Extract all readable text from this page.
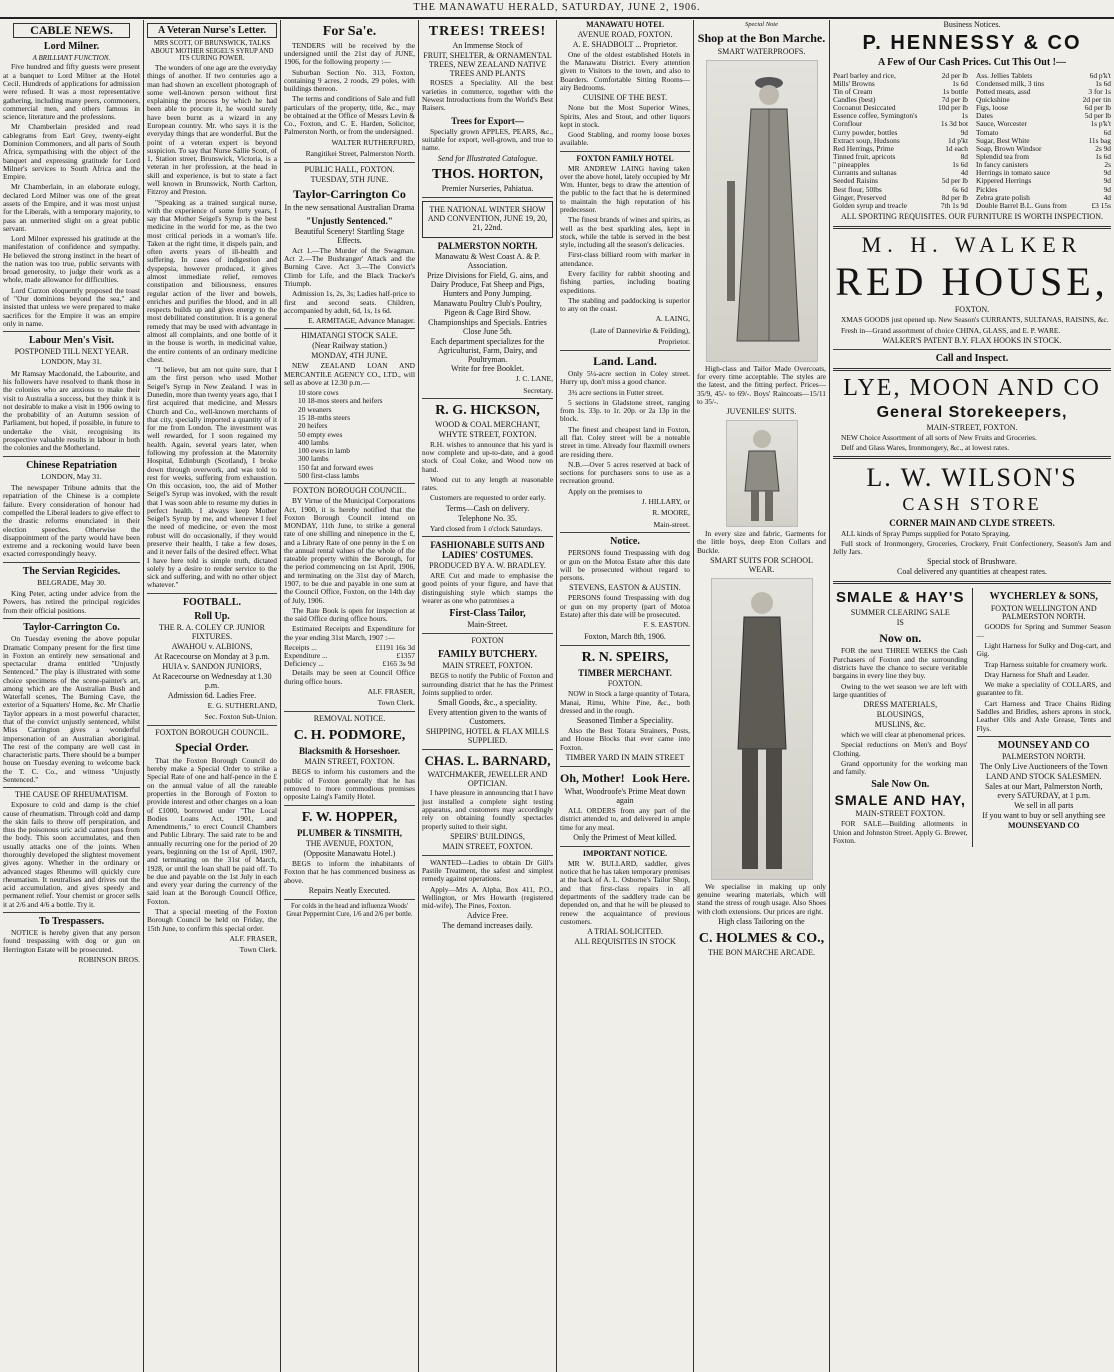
THE MANAWATU HERALD, SATURDAY, JUNE 2, 1906.
CABLE NEWS.
Lord Milner.
A BRILLIANT FUNCTION.

Five hundred and fifty guests were present at a banquet to Lord Milner at the Hotel Cecil. Hundreds of applications for admission were refused. It was a most representative gathering, including many peers, commoners, commercial men, and others famous in science, literature and the professions.

Mr Chamberlain presided and read cablegrams from Earl Grey, twenty-eight Dominion Commoners, and all parts of South Africa, sympathising with the object of the banquet and expressing gratitude for Lord Milner's services to South Africa and the Empire.

Mr Chamberlain, in an elaborate eulogy, declared Lord Milner was one of the great assets of the Empire, and it was most unjust for the Liberals, with a temporary majority, to pass an unmerited slight on a great public servant.

Lord Milner expressed his gratitude at the manifestation of confidence and sympathy. He believed the strong instinct in the heart of the nation was too true, public servants with broad generosity, to judge their work as a whole, made allowance for difficulties.

Lord Curzon eloquently proposed the toast of "Our dominions beyond the sea," and insisted that unless we were prepared to make sacrifices for the Empire it was an empire only in name.

Labour Men's Visit.
POSTPONED TILL NEXT YEAR.
LONDON, May 31.

Mr Ramsay Macdonald, the Labourite, and his followers have resolved to thank those in the colonies who are anxious to make their visit to Australia a success, but they think it is not desirable to make a visit in 1906 owing to the probability of an Autumn session of Parliament, but hoped, if possible, in future to undertake the visit, recognising its prospective valuable results in labour in both the colonies and the Motherland.

Chinese Repatriation
LONDON, May 31.

The newspaper Tribune admits that the repatriation of the Chinese is a complete failure. Every consideration of honour had compelled the Liberal leaders to give effect to the drastic reforms enunciated in their election speeches. Otherwise the disappointment of the party would have been extreme and a reckoning would have been exacted correspondingly heavy.

The Servian Regicides.
BELGRADE, May 30.

King Peter, acting under advice from the Powers, has retired the principal regicides from their official positions.

Taylor-Carrington Co.

On Tuesday evening the above popular Dramatic Company present for the first time in Foxton an entirely new sensational and spectacular drama entitled "Unjustly Sentenced." The play is illustrated with some choice specimens of the scene-painter's art, among which are the Australian Bush and Waterfall scenes, The Burning Cave, the exterior of a Squatters' Home, &c. Mr Charlie Taylor appears in a most powerful character, that of the convict unjustly sentenced, whilst Miss Carrington gives a wonderful impersonation of an Australian aboriginal. The rest of the company are well cast in characteristic parts. There should be a bumper house on Tuesday evening to welcome back the T. C. Co., and witness "Unjustly Sentenced."

THE CAUSE OF RHEUMATISM.

Exposure to cold and damp is the chief cause of rheumatism. Through cold and damp the skin fails to throw off perspiration, and thus the poisonous uric acid cannot pass from the body. This soon accumulates, and then usually attacks one of the joints. When thoroughly developed the slightest movement gives agony. Whether in the ordinary or advanced stages Rheumo will quickly cure rheumatism. It neutralises and drives out the acid accumulation, and gives speedy and permanent relief. Your chemist or grocer sells it at 2/6 and 4/6 a bottle. Try it.

To Trespassers.

NOTICE is hereby given that any person found trespassing with dog or gun on Herrington Estate will be prosecuted.

ROBINSON BROS.
A Veteran Nurse's Letter.
MRS SCOTT, OF BRUNSWICK, TALKS ABOUT MOTHER SEIGEL'S SYRUP AND ITS CURING POWER.

The wonders of one age are the everyday things of another. If two centuries ago a man had shown an excellent photograph of some well-known person without first explaining the process by which he had been able to procure it, he would surely have been burnt as a wizard in any European country. Mr. who says it is the everyday things that are wonderful. But the point of a veteran expert is beyond suspicion. To say that Nurse Sallie Scott, of 1, Station street, Brunswick, Victoria, is a veteran in her profession, at the head in skill and experience, is but to state a fact well known in Brunswick, North Carlton, Fitzroy and Preston.

"Speaking as a trained surgical nurse, with the experience of some forty years, I say that Mother Seigel's Syrup is the best medicine in the world for me, as the two most critical periods in a woman's life. Taken at the right time, it dispels pain, and often averts years of ill-health and suffering. In cases of indigestion and dyspepsia, however produced, it gives almost immediate relief, removes constipation and biliousness, ensures regular action of the liver and bowels, enriches and purifies the blood, and in all respects builds up and gives energy to the most debilitated constitution. It is a general remedy that may be used with advantage in almost all complaints, and one bottle of it in the house is worth, in medicinal value, the entire contents of an ordinary medicine chest.

"I believe, but am not quite sure, that I am the first person who used Mother Seigel's Syrup in New Zealand. I was in Dunedin, more than twenty years ago, that I first acquired that medicine, and Messrs Church and Co., well-known merchants of that city, specially imported a quantity of it for me from London. The investment was well rewarded, for I soon regained my health. Again, several years later, when following my profession at the Maternity Hospital, Edinburgh (Scotland), I broke down through overwork, and was told to rest for weeks, suffering from exhaustion. On this occasion, too, the aid of Mother Seigel's Syrup was invoked, with the result that I was soon able to resume my duties in perfect health. I always keep Mother Seigel's Syrup by me, and whenever I feel the need of medicine, or even the most robust will do occasionally, if they would preserve their health, I take a few doses, and it never fails of the desired effect. What I have here told is simple truth, dictated solely by a desire to render service to the sick and suffering, and with no other object whatever."

FOOTBALL.
Roll Up.
THE R. A. COLEY CP. JUNIOR FIXTURES.
AWAHOU v. ALBIONS,
At Racecourse on Monday at 3 p.m.
HUIA v. SANDON JUNIORS,
At Racecourse on Wednesday at 1.30 p.m.
Admission 6d. Ladies Free.
E. G. SUTHERLAND,
Sec. Foxton Sub-Union.
FOXTON BOROUGH COUNCIL.
Special Order.

That the Foxton Borough Council do hereby make a Special Order to strike a Special Rate of one and half-pence in the £ on the annual value of all the rateable properties in the Borough of Foxton to provide interest and other charges on a loan of £1000, borrowed under "The Local Bodies Loans Act, 1901, and Amendments," to erect Council Chambers and Public Library. The said rate to be and annually recurring one for the period of 20 years, beginning on the 1st of April, 1907, and terminating on the 31st of March, 1928, or until the loan shall be paid off. To be due and payable on the 1st July in each and every year during the currency of the said loan at the Borough Council Office, Foxton.

That a special meeting of the Foxton Borough Council be held on Friday, the 15th June, to confirm this special order.

ALF. FRASER,
Town Clerk.
For Sa'e.

TENDERS will be received by the undersigned until the 21st day of JUNE, 1906, for the following property :—

Suburban Section No. 313, Foxton, containing 9 acres, 2 roods, 29 poles, with buildings thereon.

The terms and conditions of Sale and full particulars of the property, title, &c., may be obtained at the Office of Messrs Levin & Co., Foxton, and C. E. Harden, Solicitor, Palmerston North, or from the undersigned.

WALTER RUTHERFURD,
Rangitikei Street, Palmerston North.
PUBLIC HALL, FOXTON.
TUESDAY, 5TH JUNE.
Taylor-Carrington Co
In the new sensational Australian Drama
"Unjustly Sentenced."
Beautiful Scenery! Startling Stage Effects.

Act 1.—The Murder of the Swagman. Act 2.—The Bushranger' Attack and the Burning Cave. Act 3.—The Convict's Climb for Life, and the Black Tracker's Triumph.

Admission 1s, 2s, 3s; Ladies half-price to first and second seats. Children, accompanied by adult, 6d, 1s, 1s 6d.

E. ARMITAGE, Advance Manager.
HIMATANGI STOCK SALE.
(Near Railway station.)
MONDAY, 4TH JUNE.

NEW ZEALAND LOAN AND MERCANTILE AGENCY CO., LTD., will sell as above at 12.30 p.m.—

10 store cows
10 18-mos steers and heifers
20 weaners
15 18-mths steers
20 heifers
50 empty ewes
400 lambs
100 ewes in lamb
300 lambs
150 fat and forward ewes
500 first-class lambs
FOXTON BOROUGH COUNCIL.

BY Virtue of the Municipal Corporations Act, 1900, it is hereby notified that the Foxton Borough Council intend on MONDAY, 11th June, to strike a general rate of one shilling and ninepence in the £, and a Library Rate of one penny in the £ on the annual rental values of the whole of the rateable property within the Borough, for the period commencing on 1st April, 1906, and terminating on the 31st day of March, 1907, to be due and payable in one sum at the Council Office, Foxton, on the 14th day of July, 1906.

The Rate Book is open for inspection at the said Office during office hours.

Estimated Receipts and Expenditure for the year ending 31st March, 1907 :—

Receipts ...	£1191 16s 3d
Expenditure ...	£1357
Deficiency ...	£165 3s 9d

Details may be seen at Council Office during office hours.

ALF. FRASER,
Town Clerk.
REMOVAL NOTICE.
C. H. PODMORE,
Blacksmith & Horseshoer.
MAIN STREET, FOXTON.

BEGS to inform his customers and the public of Foxton generally that he has removed to more commodious premises opposite Laing's Family Hotel.

F. W. HOPPER,
PLUMBER & TINSMITH,
THE AVENUE, FOXTON,
(Opposite Manawatu Hotel.)

BEGS to inform the inhabitants of Foxton that he has commenced business as above.

Repairs Neatly Executed.
For colds in the head and influenza Woods' Great Peppermint Cure, 1/6 and 2/6 per bottle.
TREES! TREES!
An Immense Stock of
FRUIT, SHELTER, & ORNAMENTAL TREES, NEW ZEALAND NATIVE TREES AND PLANTS

ROSES a Speciality. All the best varieties in commerce, together with the Newest Introductions from the World's Best Raisers.

Trees for Export—

Specially grown APPLES, PEARS, &c., suitable for export, well-grown, and true to name.

Send for Illustrated Catalogue.
THOS. HORTON,
Premier Nurseries, Pahiatua.
THE NATIONAL WINTER SHOW AND CONVENTION, JUNE 19, 20, 21, 22nd.
PALMERSTON NORTH.
Manawatu & West Coast A. & P. Association.
Prize Divisions for Field, G. ains, and Dairy Produce, Fat Sheep and Pigs, Hunters and Pony Jumping.
Manawatu Poultry Club's Poultry, Pigeon & Cage Bird Show.
Championships and Specials. Entries Close June 5th.
Each department specializes for the Agriculturist, Farm, Dairy, and Poultryman.
Write for free Booklet.
J. C. LANE,
Secretary.
R. G. HICKSON,
WOOD & COAL MERCHANT,
WHYTE STREET, FOXTON.

R.H. wishes to announce that his yard is now complete and up-to-date, and a good stock of Coal Coke, and Wood now on hand.

Wood cut to any length at reasonable rates.

Customers are requested to order early.

Terms—Cash on delivery.
Telephone No. 35.

Yard closed from 1 o'clock Saturdays.

FASHIONABLE SUITS AND LADIES' COSTUMES.
PRODUCED BY A. W. BRADLEY.

ARE Cut and made to emphasise the good points of your figure, and have that distinguishing style which stamps the wearer as one who patronises a

First-Class Tailor,
Main-Street.
FOXTON
FAMILY BUTCHERY.
MAIN STREET, FOXTON.

BEGS to notify the Public of Foxton and surrounding district that he has the Primest Joints supplied to order.

Small Goods, &c., a speciality.
Every attention given to the wants of Customers.
SHIPPING, HOTEL & FLAX MILLS SUPPLIED.
CHAS. L. BARNARD,
WATCHMAKER, JEWELLER AND OPTICIAN.

I have pleasure in announcing that I have just installed a complete sight testing apparatus, and customers may accordingly rely on obtaining foundly spectacles properly suited to their sight.

SPEIRS' BUILDINGS,
MAIN STREET, FOXTON.

WANTED—Ladies to obtain Dr Gill's Pastile Treatment, the safest and simplest remedy against operations.

Apply—Mrs A. Alpha, Box 411, P.O., Wellington, or Mrs Howarth (registered mid-wife), The Pines, Foxton.

Advice Free.
The demand increases daily.
MANAWATU HOTEL
AVENUE ROAD, FOXTON.
A. E. SHADBOLT ... Proprietor.

One of the oldest established Hotels in the Manawatu District. Every attention given to Visitors to the town, and also to Boarders. Comfortable Sitting Rooms—airy Bedrooms.

CUISINE OF THE BEST.

None but the Most Superior Wines, Spirits, Ales and Stout, and other liquors kept in stock.

Good Stabling, and roomy loose boxes available.

FOXTON FAMILY HOTEL

MR ANDREW LAING having taken over the above hotel, lately occupied by Mr Wm. Hunter, begs to draw the attention of the public to the fact that he is determined to maintain the high reputation of his predecessor.

The finest brands of wines and spirits, as well as the best sparkling ales, kept in stock, while the table is served in the best style, including all the season's delicacies.

First-class billiard room with marker in attendance.

Every facility for rabbit shooting and fishing parties, including boating expeditions.

The stabling and paddocking is superior to any on the coast.

A. LAING,
(Late of Dannevirke & Feilding),
Proprietor.
Land. Land.

Only 5¼-acre section in Coley street. Hurry up, don't miss a good chance.

3¾ acre sections in Futter street.

5 sections in Gladstone street, ranging from 1s. 33p. to 1r. 20p. or 2a 13p in the block.

The finest and cheapest land in Foxton, all flat. Coley street will be a noteable street in time. Already four flaxmill owners are residing there.

N.B.—Over 5 acres reserved at back of sections for purchasers sons to use as a recreation ground.

Apply on the premises to

J. HILLARY, or
R. MOORE,
Main-street.
Notice.

PERSONS found Trespassing with dog or gun on the Motoa Estate after this date will be prosecuted without regard to persons.

STEVENS, EASTON & AUSTIN.

PERSONS found Trespassing with dog or gun on my property (part of Motoa Estate) after this date will be prosecuted.

F. S. EASTON.
Foxton, March 8th, 1906.
R. N. SPEIRS,
TIMBER MERCHANT.
FOXTON.

NOW in Stock a large quantity of Totara, Manai, Rimu, White Pine, &c., both dressed and in the rough.

Seasoned Timber a Speciality.

Also the Best Totara Strainers, Posts, and House Blocks that ever came into Foxton.

TIMBER YARD IN MAIN STREET
Oh, Mother! Look Here.
What, Woodroofe's Prime Meat down again

ALL ORDERS from any part of the district attended to, and delivered in ample time for any meal.

Only the Primest of Meat killed.
IMPORTANT NOTICE.

MR W. BULLARD, saddler, gives notice that he has taken temporary premises at the back of A. L. Osborne's Tailor Shop, and that first-class repairs in all departments of the saddlery trade can be depended on, and that he will be pleased to renew the acquaintance of previous customers.

A TRIAL SOLICITED.
ALL REQUISITES IN STOCK
Special Note
Shop at the Bon Marche.
SMART WATERPROOFS.

High-class and Tailor Made Overcoats, for every time acceptable. The styles are the latest, and the fitting perfect. Prices—35/9, 45/- to 69/-. Boys' Raincoats—15/11 to 35/-.

JUVENILES' SUITS.

In every size and fabric, Garments for the little boys, deep Eton Collars and Buckle.

SMART SUITS FOR SCHOOL WEAR.

We specialise in making up only genuine wearing materials, which will stand the stress of rough usage. Also Shoes with cloth extensions. Our prices are right.

High class Tailoring on the
C. HOLMES & CO.,
THE BON MARCHE ARCADE.
Business Notices.
P. HENNESSY & CO
A Few of Our Cash Prices. Cut This Out !—
Pearl barley and rice,	2d per lb
Mills' Browns	1s 6d
Tin of Cream	1s bottle
Candles (best)	7d per lb
Cocoanut Desiccated	10d per lb
Essence coffee, Symington's	1s
Cornflour	1s 3d bot
Curry powder, bottles	9d
Extract soup, Hudsons	1d p'kt
Red Herrings, Prime	1d each
Tinned fruit, apricots	8d
" pineapples	1s 6d
Currants and sultanas	4d
Seeded Raisins	5d per lb
Best flour, 50lbs	6s 6d
Ginger, Preserved	8d per lb
Golden syrup and treacle	7th 1s 9d
Ass. Jellies Tablets	6d p'k't
Condensed milk, 3 tins	1s 6d
Potted meats, assd	3 for 1s
Quickshine	2d per tin
Figs, loose	6d per lb
Dates	5d per lb
Sauce, Worcester	1s p'k't
Tomato	6d
Sugar, Best White	11s bag
Soap, Brown Windsor	2s 9d
Splendid tea from	1s 6d
In fancy canisters	2s
Herrings in tomato sauce	9d
Kippered Herrings	9d
Pickles	9d
Zebra grate polish	4d
Double Barrel B.L. Guns from	£3 15s
ALL SPORTING REQUISITES. OUR FURNITURE IS WORTH INSPECTION.
M. H. WALKER
RED HOUSE,
FOXTON.

XMAS GOODS just opened up. New Season's CURRANTS, SULTANAS, RAISINS, &c.

Fresh in—Grand assortment of choice CHINA, GLASS, and E. P. WARE.

WALKER'S PATENT B.Y. FLAX HOOKS IN STOCK.
Call and Inspect.
LYE, MOON AND CO
General Storekeepers,
MAIN-STREET, FOXTON.

NEW Choice Assortment of all sorts of New Fruits and Groceries.

Delf and Glass Wares, Ironmongery, &c., at lowest rates.

L. W. WILSON'S
CASH STORE
CORNER MAIN AND CLYDE STREETS.

ALL kinds of Spray Pumps supplied for Potato Spraying.

Full stock of Ironmongery, Groceries, Crockery, Fruit Confectionery, Season's Jam and Jelly Jars.

Special stock of Brushware.
Coal delivered any quantities at cheapest rates.
SMALE & HAY'S
SUMMER CLEARING SALE
IS
Now on.

FOR the next THREE WEEKS the Cash Purchasers of Foxton and the surrounding districts have the chance to secure veritable bargains in every line they buy.

Owing to the wet season we are left with large quantities of

DRESS MATERIALS,
BLOUSINGS,
MUSLINS, &c.

which we will clear at phenomenal prices.

Special reductions on Men's and Boys' Clothing.

Grand opportunity for the working man and family.

Sale Now On.
SMALE AND HAY,
MAIN-STREET FOXTON.

FOR SALE—Building allotments in Union and Johnston Street. Apply G. Brewer, Foxton.

WYCHERLEY & SONS,
FOXTON WELLINGTON AND PALMERSTON NORTH.

GOODS for Spring and Summer Season—

Light Harness for Sulky and Dog-cart, and Gig.

Trap Harness suitable for creamery work.

Dray Harness for Shaft and Leader.

We make a speciality of COLLARS, and guarantee to fit.

Cart Harness and Trace Chains Riding Saddles and Bridles, ashers aprons in stock, Leather Oils and Axle Grease, Tents and Flys.

MOUNSEY AND CO
PALMERSTON NORTH.
The Only Live Auctioneers of the Town
LAND AND STOCK SALESMEN.
Sales at our Mart, Palmerston North, every SATURDAY, at 1 p.m.
We sell in all parts
If you want to buy or sell anything see
MOUNSEYAND CO
